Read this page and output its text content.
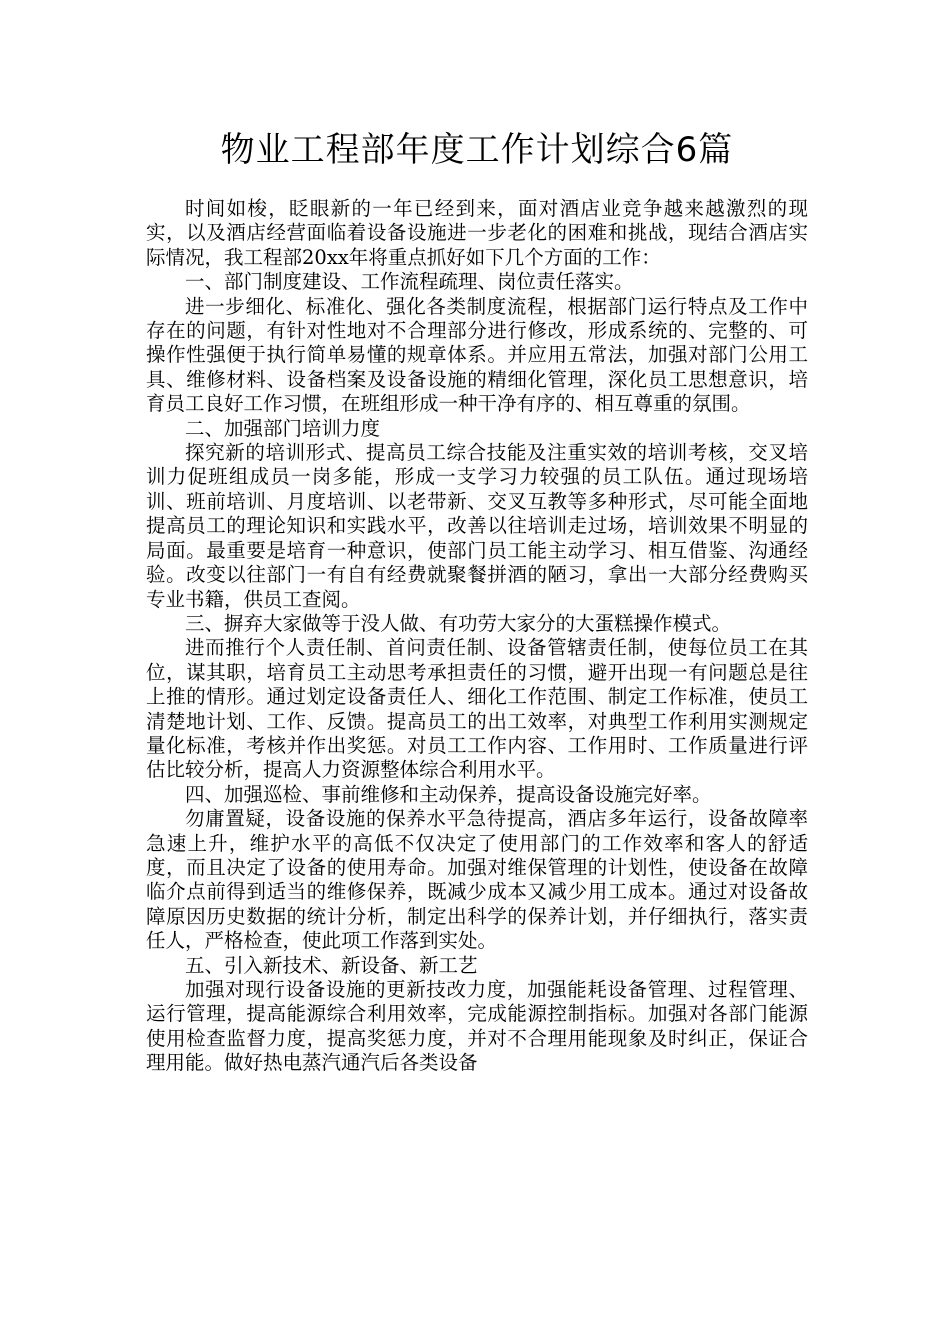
物业工程部年度工作计划综合6篇

时间如梭，眨眼新的一年已经到来，面对酒店业竞争越来越激烈的现实，以及酒店经营面临着设备设施进一步老化的困难和挑战，现结合酒店实际情况，我工程部20xx年将重点抓好如下几个方面的工作：

一、部门制度建设、工作流程疏理、岗位责任落实。

进一步细化、标准化、强化各类制度流程，根据部门运行特点及工作中存在的问题，有针对性地对不合理部分进行修改，形成系统的、完整的、可操作性强便于执行简单易懂的规章体系。并应用五常法，加强对部门公用工具、维修材料、设备档案及设备设施的精细化管理，深化员工思想意识，培育员工良好工作习惯，在班组形成一种干净有序的、相互尊重的氛围。

二、加强部门培训力度

探究新的培训形式、提高员工综合技能及注重实效的培训考核，交叉培训力促班组成员一岗多能，形成一支学习力较强的员工队伍。通过现场培训、班前培训、月度培训、以老带新、交叉互教等多种形式，尽可能全面地提高员工的理论知识和实践水平，改善以往培训走过场，培训效果不明显的局面。最重要是培育一种意识，使部门员工能主动学习、相互借鉴、沟通经验。改变以往部门一有自有经费就聚餐拼酒的陋习，拿出一大部分经费购买专业书籍，供员工查阅。

三、摒弃大家做等于没人做、有功劳大家分的大蛋糕操作模式。

进而推行个人责任制、首问责任制、设备管辖责任制，使每位员工在其位，谋其职，培育员工主动思考承担责任的习惯，避开出现一有问题总是往上推的情形。通过划定设备责任人、细化工作范围、制定工作标准，使员工清楚地计划、工作、反馈。提高员工的出工效率，对典型工作利用实测规定量化标准，考核并作出奖惩。对员工工作内容、工作用时、工作质量进行评估比较分析，提高人力资源整体综合利用水平。

四、加强巡检、事前维修和主动保养，提高设备设施完好率。

勿庸置疑，设备设施的保养水平急待提高，酒店多年运行，设备故障率急速上升，维护水平的高低不仅决定了使用部门的工作效率和客人的舒适度，而且决定了设备的使用寿命。加强对维保管理的计划性，使设备在故障临介点前得到适当的维修保养，既减少成本又减少用工成本。通过对设备故障原因历史数据的统计分析，制定出科学的保养计划，并仔细执行，落实责任人，严格检查，使此项工作落到实处。

五、引入新技术、新设备、新工艺

加强对现行设备设施的更新技改力度，加强能耗设备管理、过程管理、运行管理，提高能源综合利用效率，完成能源控制指标。加强对各部门能源使用检查监督力度，提高奖惩力度，并对不合理用能现象及时纠正，保证合理用能。做好热电蒸汽通汽后各类设备
